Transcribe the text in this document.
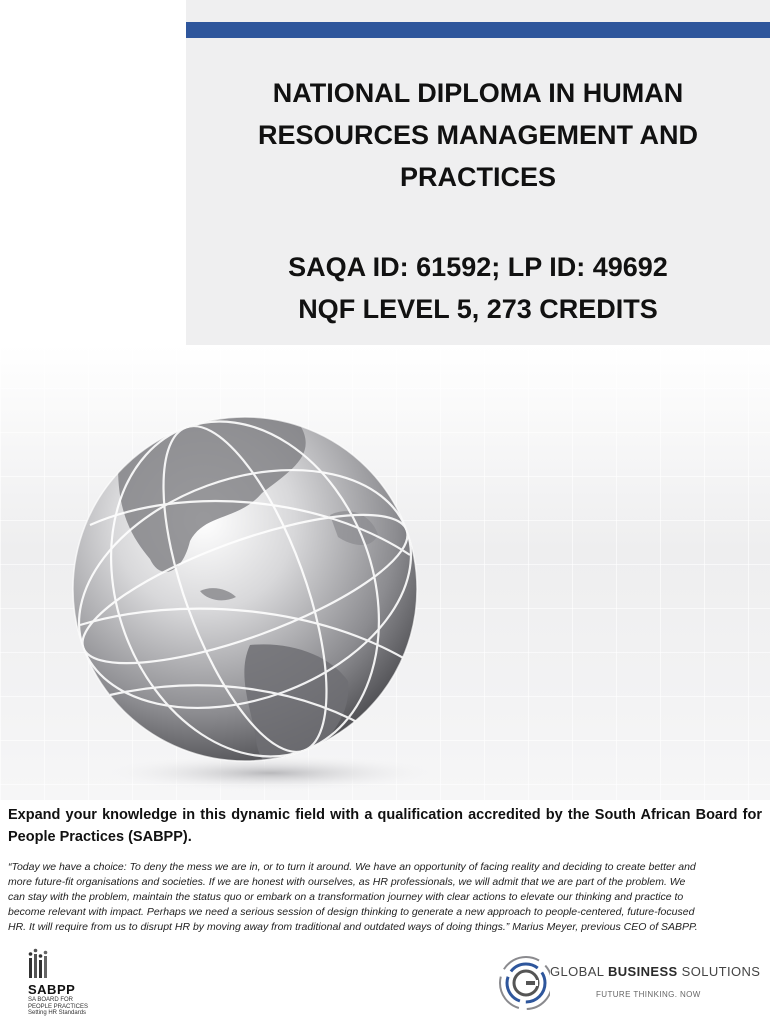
NATIONAL DIPLOMA IN HUMAN
RESOURCES MANAGEMENT AND
PRACTICES
SAQA ID: 61592; LP ID: 49692
NQF LEVEL 5, 273 CREDITS
Expand your knowledge in this dynamic field with a qualification accredited by the South African Board for People Practices (SABPP).
“Today we have a choice: To deny the mess we are in, or to turn it around. We have an opportunity of facing reality and deciding to create better and
more future-fit organisations and societies. If we are honest with ourselves, as HR professionals, we will admit that we are part of the problem. We
can stay with the problem, maintain the status quo or embark on a transformation journey with clear actions to elevate our thinking and practice to
become relevant with impact. Perhaps we need a serious session of design thinking to generate a new approach to people-centered, future-focused
HR. It will require from us to disrupt HR by moving away from traditional and outdated ways of doing things.” Marius Meyer, previous CEO of SABPP.
SABPP
SA BOARD FOR
PEOPLE PRACTICES
Setting HR Standards
GLOBAL BUSINESS SOLUTIONS
FUTURE THINKING. NOW
